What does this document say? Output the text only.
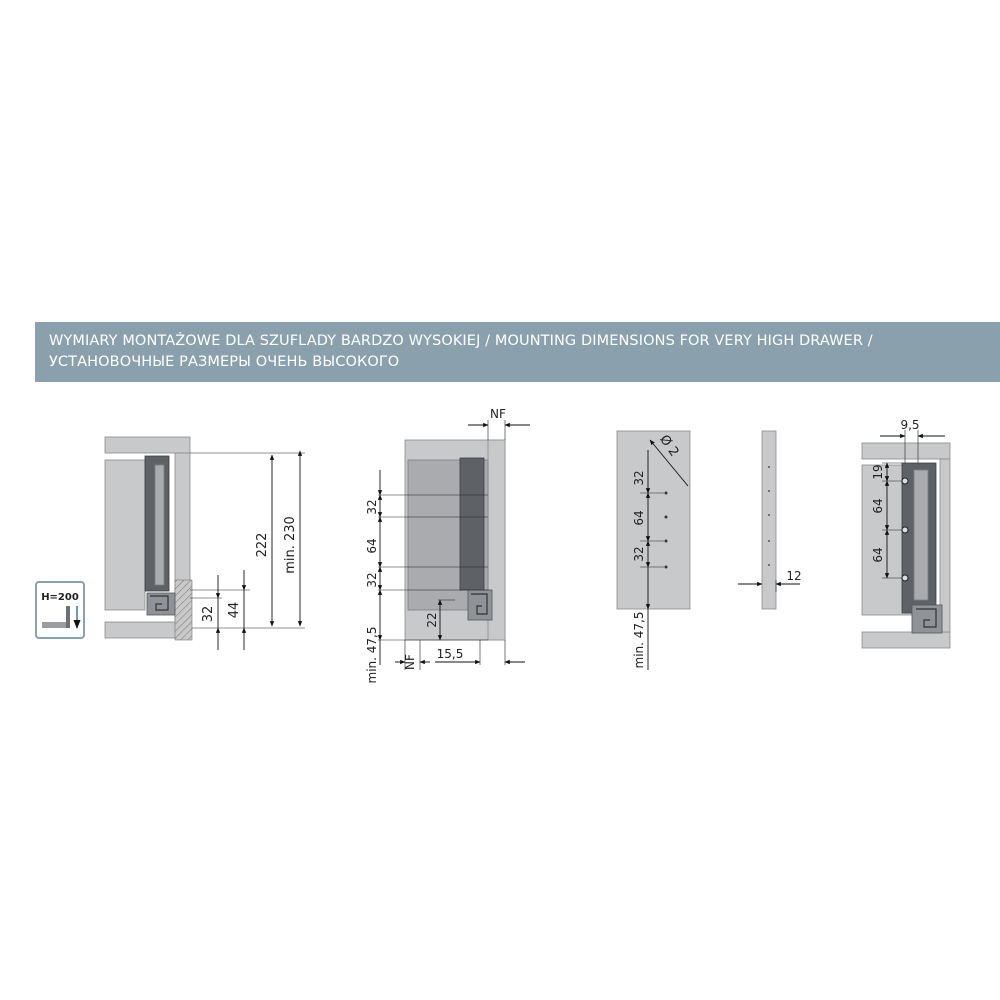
WYMIARY MONTAŻOWE DLA SZUFLADY BARDZO WYSOKIEJ / MOUNTING DIMENSIONS FOR VERY HIGH DRAWER /
УСТАНОВОЧНЫЕ РАЗМЕРЫ ОЧЕНЬ ВЫСОКОГО
222 min. 230
32 44
H=200
NF
32
64
32
min. 47,5
22
NF
15,5
32
64
32
min. 47,5
Ø 2
12
9,5
19
64
64
